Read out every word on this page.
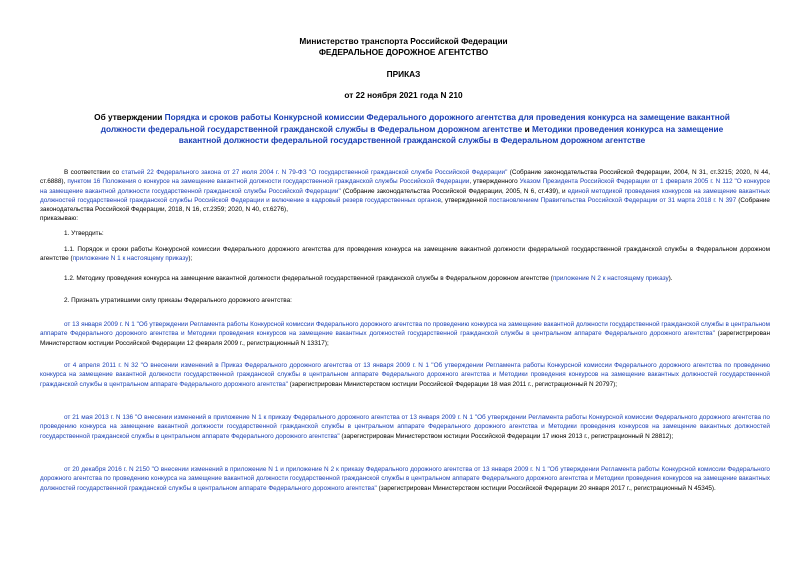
Министерство транспорта Российской Федерации
ФЕДЕРАЛЬНОЕ ДОРОЖНОЕ АГЕНТСТВО
ПРИКАЗ
от 22 ноября 2021 года N 210
Об утверждении Порядка и сроков работы Конкурсной комиссии Федерального дорожного агентства для проведения конкурса на замещение вакантной должности федеральной государственной гражданской службы в Федеральном дорожном агентстве и Методики проведения конкурса на замещение вакантной должности федеральной государственной гражданской службы в Федеральном дорожном агентстве
В соответствии со статьей 22 Федерального закона от 27 июля 2004 г. N 79-ФЗ "О государственной гражданской службе Российской Федерации" (Собрание законодательства Российской Федерации, 2004, N 31, ст.3215; 2020, N 44, ст.6888), пунктом 16 Положения о конкурсе на замещение вакантной должности государственной гражданской службы Российской Федерации, утвержденного Указом Президента Российской Федерации от 1 февраля 2005 г. N 112 "О конкурсе на замещение вакантной должности государственной гражданской службы Российской Федерации" (Собрание законодательства Российской Федерации, 2005, N 6, ст.439), и единой методикой проведения конкурсов на замещение вакантных должностей государственной гражданской службы Российской Федерации и включение в кадровый резерв государственных органов, утвержденной постановлением Правительства Российской Федерации от 31 марта 2018 г. N 397 (Собрание законодательства Российской Федерации, 2018, N 16, ст.2359; 2020, N 40, ст.6276),
приказываю:
1. Утвердить:
1.1. Порядок и сроки работы Конкурсной комиссии Федерального дорожного агентства для проведения конкурса на замещение вакантной должности федеральной государственной гражданской службы в Федеральном дорожном агентстве (приложение N 1 к настоящему приказу);
1.2. Методику проведения конкурса на замещение вакантной должности федеральной государственной гражданской службы в Федеральном дорожном агентстве (приложение N 2 к настоящему приказу).
2. Признать утратившими силу приказы Федерального дорожного агентства:
от 13 января 2009 г. N 1 "Об утверждении Регламента работы Конкурсной комиссии Федерального дорожного агентства по проведению конкурса на замещение вакантной должности государственной гражданской службы в центральном аппарате Федерального дорожного агентства и Методики проведения конкурсов на замещение вакантных должностей государственной гражданской службы в центральном аппарате Федерального дорожного агентства" (зарегистрирован Министерством юстиции Российской Федерации 12 февраля 2009 г., регистрационный N 13317);
от 4 апреля 2011 г. N 32 "О внесении изменений в Приказ Федерального дорожного агентства от 13 января 2009 г. N 1 "Об утверждении Регламента работы Конкурсной комиссии Федерального дорожного агентства по проведению конкурса на замещение вакантной должности государственной гражданской службы в центральном аппарате Федерального дорожного агентства и Методики проведения конкурсов на замещение вакантных должностей государственной гражданской службы в центральном аппарате Федерального дорожного агентства" (зарегистрирован Министерством юстиции Российской Федерации 18 мая 2011 г., регистрационный N 20797);
от 21 мая 2013 г. N 136 "О внесении изменений в приложение N 1 к приказу Федерального дорожного агентства от 13 января 2009 г. N 1 "Об утверждении Регламента работы Конкурсной комиссии Федерального дорожного агентства по проведению конкурса на замещение вакантной должности государственной гражданской службы в центральном аппарате Федерального дорожного агентства и Методики проведения конкурсов на замещение вакантных должностей государственной гражданской службы в центральном аппарате Федерального дорожного агентства" (зарегистрирован Министерством юстиции Российской Федерации 17 июня 2013 г., регистрационный N 28812);
от 20 декабря 2016 г. N 2150 "О внесении изменений в приложение N 1 и приложение N 2 к приказу Федерального дорожного агентства от 13 января 2009 г. N 1 "Об утверждении Регламента работы Конкурсной комиссии Федерального дорожного агентства по проведению конкурса на замещение вакантной должности государственной гражданской службы в центральном аппарате Федерального дорожного агентства и Методики проведения конкурсов на замещение вакантных должностей государственной гражданской службы в центральном аппарате Федерального дорожного агентства" (зарегистрирован Министерством юстиции Российской Федерации 20 января 2017 г., регистрационный N 45345).
